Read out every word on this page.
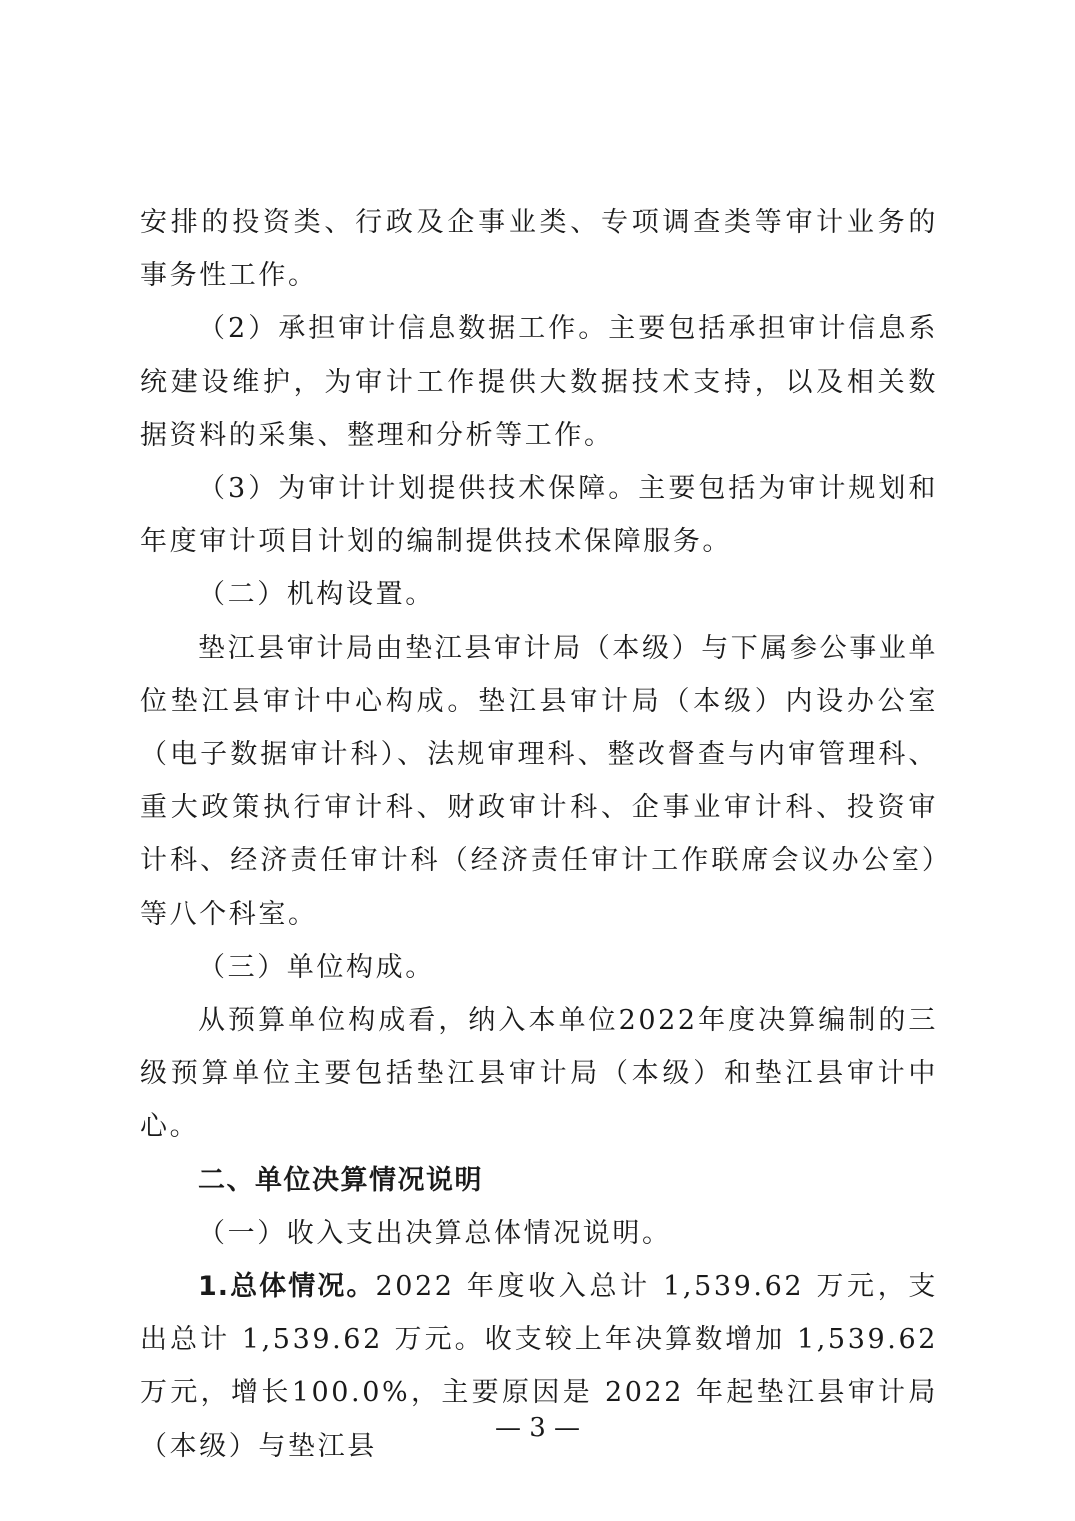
安排的投资类、行政及企事业类、专项调查类等审计业务的事务性工作。

（2）承担审计信息数据工作。主要包括承担审计信息系统建设维护，为审计工作提供大数据技术支持，以及相关数据资料的采集、整理和分析等工作。

（3）为审计计划提供技术保障。主要包括为审计规划和年度审计项目计划的编制提供技术保障服务。

（二）机构设置。

垫江县审计局由垫江县审计局（本级）与下属参公事业单位垫江县审计中心构成。垫江县审计局（本级）内设办公室（电子数据审计科）、法规审理科、整改督查与内审管理科、重大政策执行审计科、财政审计科、企事业审计科、投资审计科、经济责任审计科（经济责任审计工作联席会议办公室）等八个科室。

（三）单位构成。

从预算单位构成看，纳入本单位2022年度决算编制的三级预算单位主要包括垫江县审计局（本级）和垫江县审计中心。

二、单位决算情况说明

（一）收入支出决算总体情况说明。

1.总体情况。2022 年度收入总计 1,539.62 万元，支出总计 1,539.62 万元。收支较上年决算数增加 1,539.62 万元，增长100.0%，主要原因是 2022 年起垫江县审计局（本级）与垫江县

— 3 —
